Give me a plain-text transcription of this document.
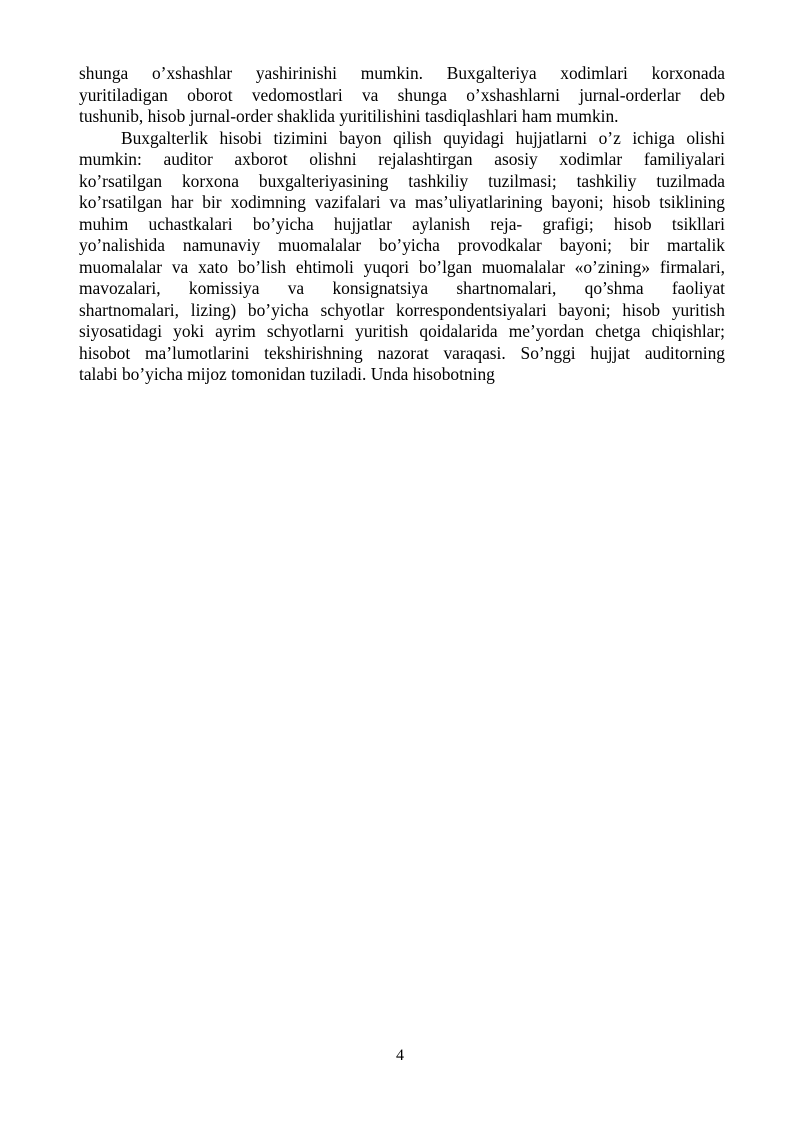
shunga o’xshashlar yashirinishi mumkin. Buxgalteriya xodimlari korxonada
yuritiladigan oborot vedomostlari va shunga o’xshashlarni jurnal-orderlar deb
tushunib, hisob jurnal-order shaklida yuritilishini tasdiqlashlari ham mumkin.
Buxgalterlik hisobi tizimini bayon qilish quyidagi hujjatlarni o’z ichiga olishi
mumkin: auditor axborot olishni rejalashtirgan asosiy xodimlar familiyalari
ko’rsatilgan korxona buxgalteriyasining tashkiliy tuzilmasi; tashkiliy tuzilmada
ko’rsatilgan har bir xodimning vazifalari va mas’uliyatlarining bayoni; hisob tsiklining
muhim uchastkalari bo’yicha hujjatlar aylanish reja- grafigi; hisob tsikllari
yo’nalishida namunaviy muomalalar bo’yicha provodkalar bayoni; bir martalik
muomalalar va xato bo’lish ehtimoli yuqori bo’lgan muomalalar «o’zining» firmalari,
mavozalari, komissiya va konsignatsiya shartnomalari, qo’shma faoliyat
shartnomalari, lizing) bo’yicha schyotlar korrespondentsiyalari bayoni; hisob yuritish
siyosatidagi yoki ayrim schyotlarni yuritish qoidalarida me’yordan chetga chiqishlar;
hisobot ma’lumotlarini tekshirishning nazorat varaqasi. So’nggi hujjat auditorning
talabi bo’yicha mijoz tomonidan tuziladi. Unda hisobotning
4
